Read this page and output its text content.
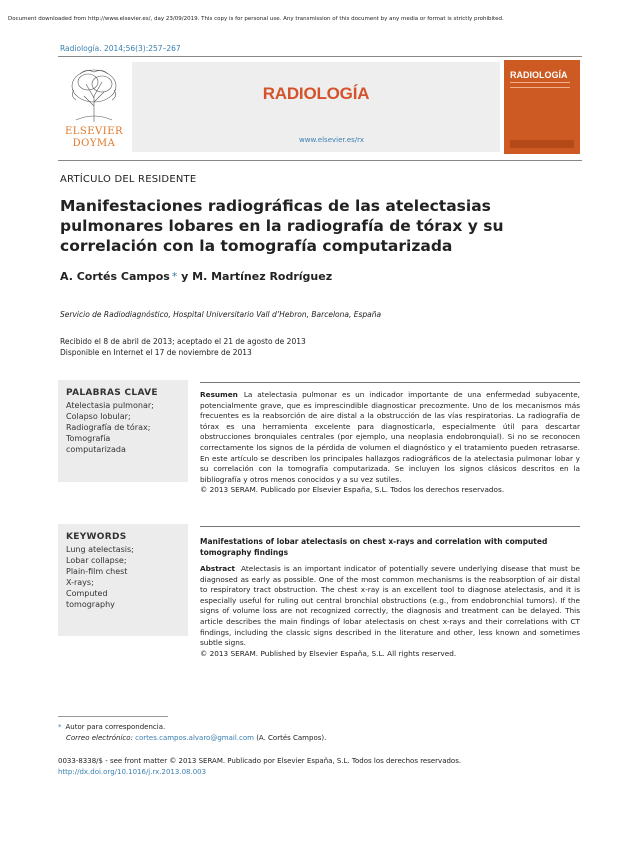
Document downloaded from http://www.elsevier.es/, day 23/09/2019. This copy is for personal use. Any transmission of this document by any media or format is strictly prohibited.
Radiología. 2014;56(3):257–267
ELSEVIER
DOYMA
RADIOLOGÍA
www.elsevier.es/rx
RADIOLOGÍA
ARTÍCULO DEL RESIDENTE
Manifestaciones radiográficas de las atelectasias pulmonares lobares en la radiografía de tórax y su correlación con la tomografía computarizada
A. Cortés Campos * y M. Martínez Rodríguez
Servicio de Radiodiagnóstico, Hospital Universitario Vall d’Hebron, Barcelona, España
Recibido el 8 de abril de 2013; aceptado el 21 de agosto de 2013
Disponible en Internet el 17 de noviembre de 2013
PALABRAS CLAVE
Atelectasia pulmonar;
Colapso lobular;
Radiografía de tórax;
Tomografía
computarizada
Resumen La atelectasia pulmonar es un indicador importante de una enfermedad subyacente, potencialmente grave, que es imprescindible diagnosticar precozmente. Uno de los mecanismos más frecuentes es la reabsorción de aire distal a la obstrucción de las vías respiratorias. La radiografía de tórax es una herramienta excelente para diagnosticarla, especialmente útil para descartar obstrucciones bronquiales centrales (por ejemplo, una neoplasia endobronquial). Si no se reconocen correctamente los signos de la pérdida de volumen el diagnóstico y el tratamiento pueden retrasarse. En este artículo se describen los principales hallazgos radiográficos de la atelectasia pulmonar lobar y su correlación con la tomografía computarizada. Se incluyen los signos clásicos descritos en la bibliografía y otros menos conocidos y a su vez sutiles.
© 2013 SERAM. Publicado por Elsevier España, S.L. Todos los derechos reservados.
KEYWORDS
Lung atelectasis;
Lobar collapse;
Plain-film chest
X-rays;
Computed
tomography
Manifestations of lobar atelectasis on chest x-rays and correlation with computed tomography findings
Abstract Atelectasis is an important indicator of potentially severe underlying disease that must be diagnosed as early as possible. One of the most common mechanisms is the reabsorption of air distal to respiratory tract obstruction. The chest x-ray is an excellent tool to diagnose atelectasis, and it is especially useful for ruling out central bronchial obstructions (e.g., from endobronchial tumors). If the signs of volume loss are not recognized correctly, the diagnosis and treatment can be delayed. This article describes the main findings of lobar atelectasis on chest x-rays and their correlations with CT findings, including the classic signs described in the literature and other, less known and sometimes subtle signs.
© 2013 SERAM. Published by Elsevier España, S.L. All rights reserved.
* Autor para correspondencia.
Correo electrónico: cortes.campos.alvaro@gmail.com (A. Cortés Campos).
0033-8338/$ - see front matter © 2013 SERAM. Publicado por Elsevier España, S.L. Todos los derechos reservados.
http://dx.doi.org/10.1016/j.rx.2013.08.003
